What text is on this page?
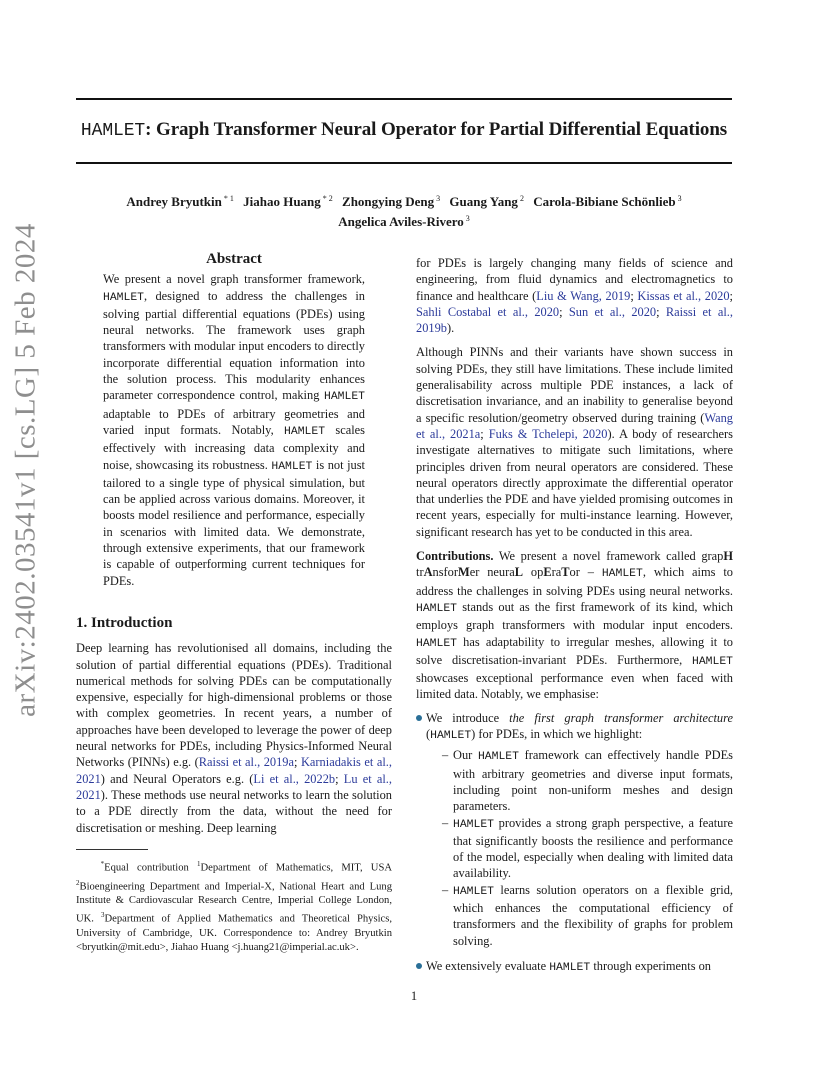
HAMLET: Graph Transformer Neural Operator for Partial Differential Equations
Andrey Bryutkin $^{* 1}$ Jiahao Huang $^{* 2}$ Zhongying Deng $^3$ Guang Yang $^2$ Carola-Bibiane Schönlieb $^3$
Angelica Aviles-Rivero $^3$
arXiv:2402.03541v1 [cs.LG] 5 Feb 2024	Abstract

We present a novel graph transformer framework, HAMLET, designed to address the challenges in solving partial differential equations (PDEs) using neural networks. The framework uses graph transformers with modular input encoders to directly incorporate differential equation information into the solution process. This modularity enhances parameter correspondence control, making HAMLET adaptable to PDEs of arbitrary geometries and varied input formats. Notably, HAMLET scales effectively with increasing data complexity and noise, showcasing its robustness. HAMLET is not just tailored to a single type of physical simulation, but can be applied across various domains. Moreover, it boosts model resilience and performance, especially in scenarios with limited data. We demonstrate, through extensive experiments, that our framework is capable of outperforming current techniques for PDEs.

1. Introduction

Deep learning has revolutionised all domains, including the solution of partial differential equations (PDEs). Traditional numerical methods for solving PDEs can be computationally expensive, especially for high-dimensional problems or those with complex geometries. In recent years, a number of approaches have been developed to leverage the power of deep neural networks for PDEs, including Physics-Informed Neural Networks (PINNs) e.g. (Raissi et al., 2019a; Karniadakis et al., 2021) and Neural Operators e.g. (Li et al., 2022b; Lu et al., 2021). These methods use neural networks to learn the solution to a PDE directly from the data, without the need for discretisation or meshing. Deep learning

*Equal contribution $^1$Department of Mathematics, MIT, USA $^2$Bioengineering Department and Imperial-X, National Heart and Lung Institute & Cardiovascular Research Centre, Imperial College London, UK. $^3$Department of Applied Mathematics and Theoretical Physics, University of Cambridge, UK. Correspondence to: Andrey Bryutkin <bryutkin@mit.edu>, Jiahao Huang <j.huang21@imperial.ac.uk>.

for PDEs is largely changing many fields of science and engineering, from fluid dynamics and electromagnetics to finance and healthcare (Liu & Wang, 2019; Kissas et al., 2020; Sahli Costabal et al., 2020; Sun et al., 2020; Raissi et al., 2019b).

Although PINNs and their variants have shown success in solving PDEs, they still have limitations. These include limited generalisability across multiple PDE instances, a lack of discretisation invariance, and an inability to generalise beyond a specific resolution/geometry observed during training (Wang et al., 2021a; Fuks & Tchelepi, 2020). A body of researchers investigate alternatives to mitigate such limitations, where principles driven from neural operators are considered. These neural operators directly approximate the differential operator that underlies the PDE and have yielded promising outcomes in recent years, especially for multi-instance learning. However, significant research has yet to be conducted in this area.

Contributions. We present a novel framework called grapH trAnsforMer neuraL opEraTor – HAMLET, which aims to address the challenges in solving PDEs using neural networks. HAMLET stands out as the first framework of its kind, which employs graph transformers with modular input encoders. HAMLET has adaptability to irregular meshes, allowing it to solve discretisation-invariant PDEs. Furthermore, HAMLET showcases exceptional performance even when faced with limited data. Notably, we emphasise:

We introduce the first graph transformer architecture (HAMLET) for PDEs, in which we highlight:
– Our HAMLET framework can effectively handle PDEs with arbitrary geometries and diverse input formats, including point non-uniform meshes and design parameters.
– HAMLET provides a strong graph perspective, a feature that significantly boosts the resilience and performance of the model, especially when dealing with limited data availability.
– HAMLET learns solution operators on a flexible grid, which enhances the computational efficiency of transformers and the flexibility of graphs for problem solving.
We extensively evaluate HAMLET through experiments on
1
